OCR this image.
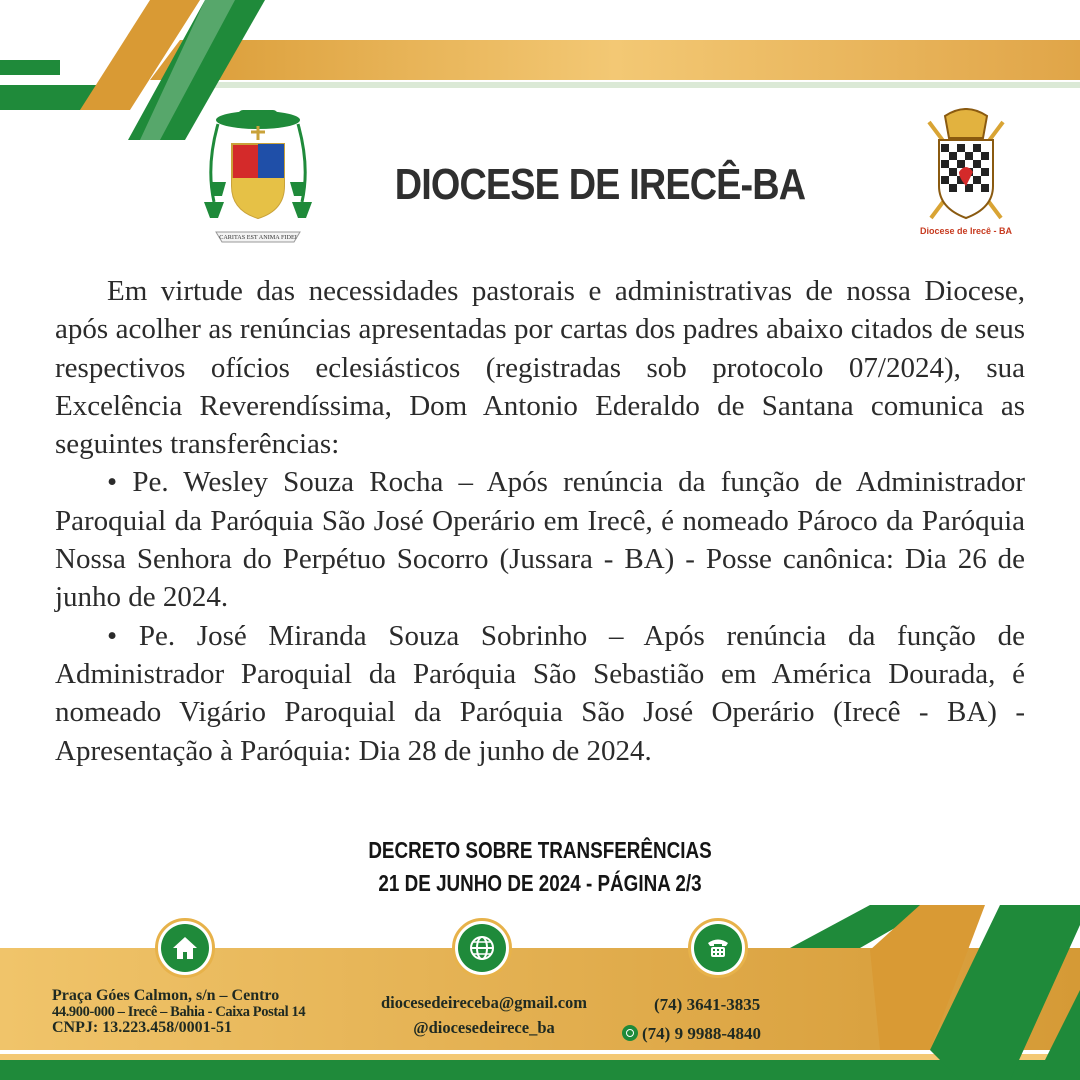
CARITAS EST ANIMA FIDEI
DIOCESE DE IRECÊ-BA
Diocese de Irecê - BA

Em virtude das necessidades pastorais e administrativas de nossa Diocese, após acolher as renúncias apresentadas por cartas dos padres abaixo citados de seus respectivos ofícios eclesiásticos (registradas sob protocolo 07/2024), sua Excelência Reverendíssima, Dom Antonio Ederaldo de Santana comunica as seguintes transferências:

• Pe. Wesley Souza Rocha – Após renúncia da função de Administrador Paroquial da Paróquia São José Operário em Irecê, é nomeado Pároco da Paróquia Nossa Senhora do Perpétuo Socorro (Jussara - BA) - Posse canônica: Dia 26 de junho de 2024.

• Pe. José Miranda Souza Sobrinho – Após renúncia da função de Administrador Paroquial da Paróquia São Sebastião em América Dourada, é nomeado Vigário Paroquial da Paróquia São José Operário (Irecê - BA) - Apresentação à Paróquia: Dia 28 de junho de 2024.

DECRETO SOBRE TRANSFERÊNCIAS
21 DE JUNHO DE 2024 - PÁGINA 2/3
Praça Góes Calmon, s/n – Centro
44.900-000 – Irecê – Bahia - Caixa Postal 14
CNPJ: 13.223.458/0001-51
diocesedeireceba@gmail.com
@diocesedeirece_ba
(74) 3641-3835
(74) 9 9988-4840
